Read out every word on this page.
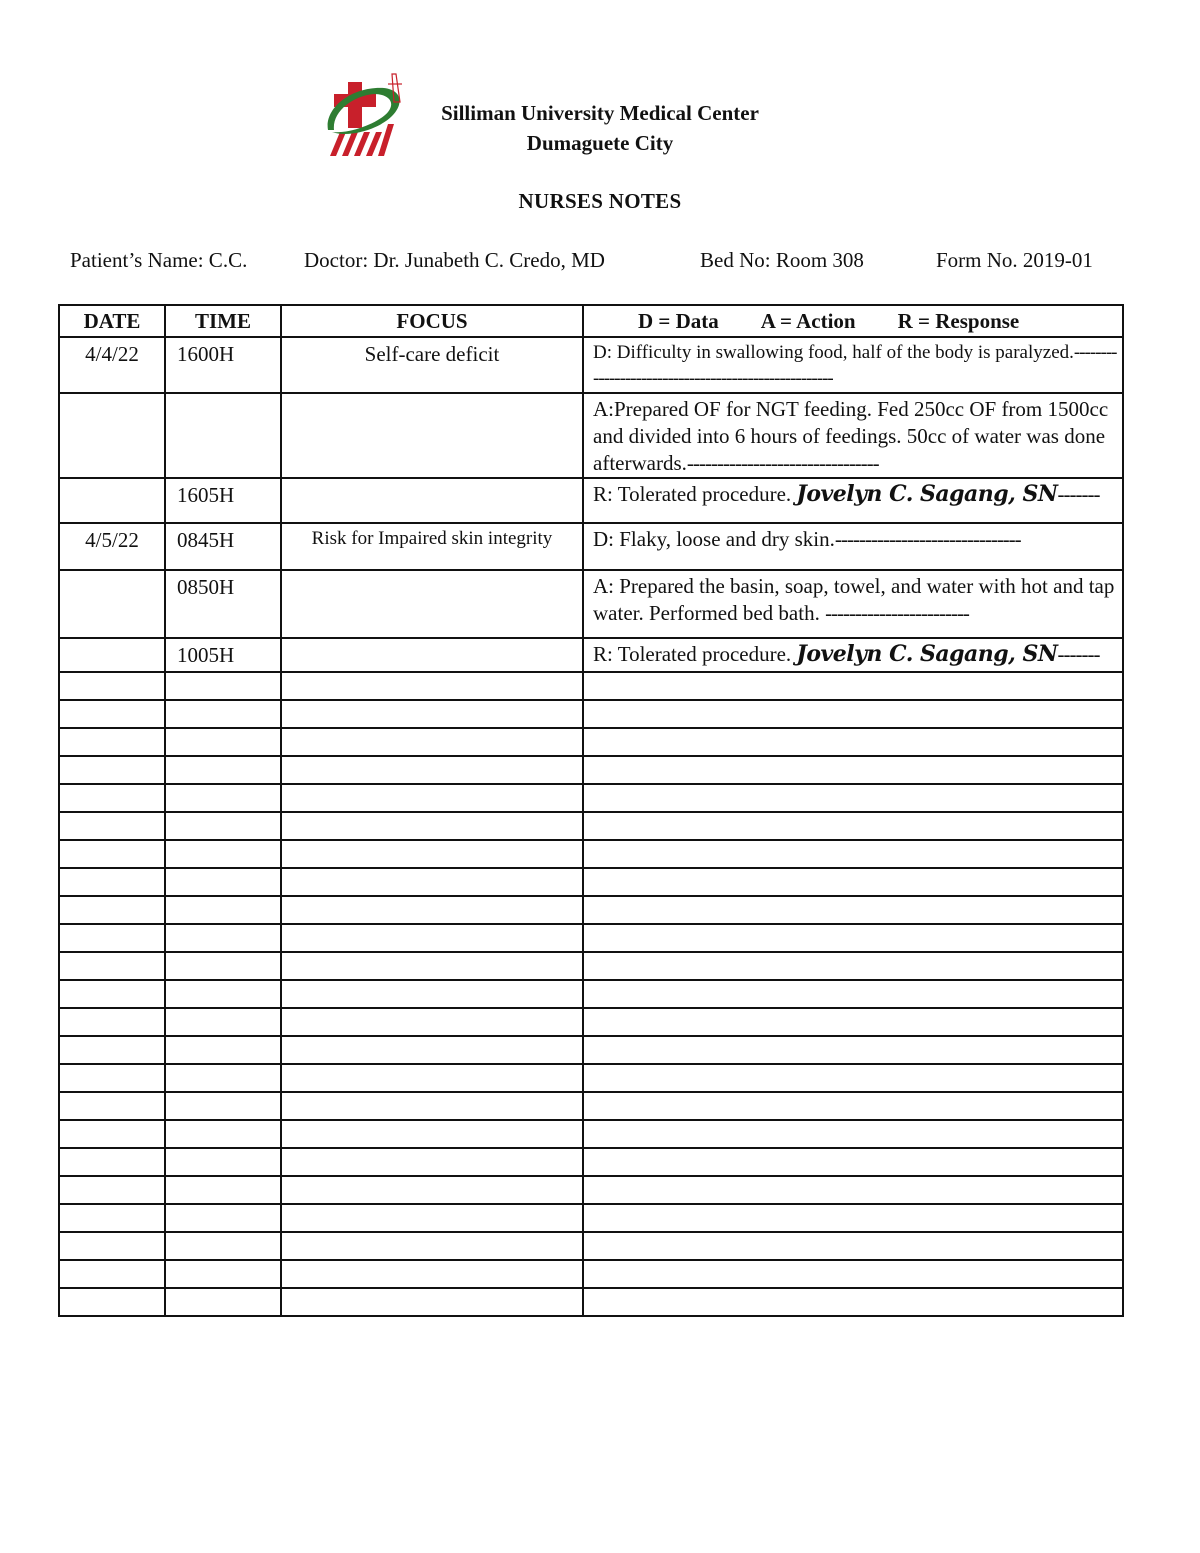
Silliman University Medical Center
Dumaguete City
NURSES NOTES
Patient’s Name: C.C.	Doctor: Dr. Junabeth C. Credo, MD	Bed No: Room 308	Form No. 2019-01
DATE	TIME	FOCUS	D = Data A = Action R = Response
4/4/22	1600H	Self-care deficit	D: Difficulty in swallowing food, half of the body is paralyzed.-----------------------------------------------------
			A:Prepared OF for NGT feeding. Fed 250cc OF from 1500cc and divided into 6 hours of feedings. 50cc of water was done afterwards.--------------------------------
	1605H		R: Tolerated procedure. Jovelyn C. Sagang, SN-------
4/5/22	0845H	Risk for Impaired skin integrity	D: Flaky, loose and dry skin.-------------------------------
	0850H		A: Prepared the basin, soap, towel, and water with hot and tap water. Performed bed bath. ------------------------
	1005H		R: Tolerated procedure. Jovelyn C. Sagang, SN-------
